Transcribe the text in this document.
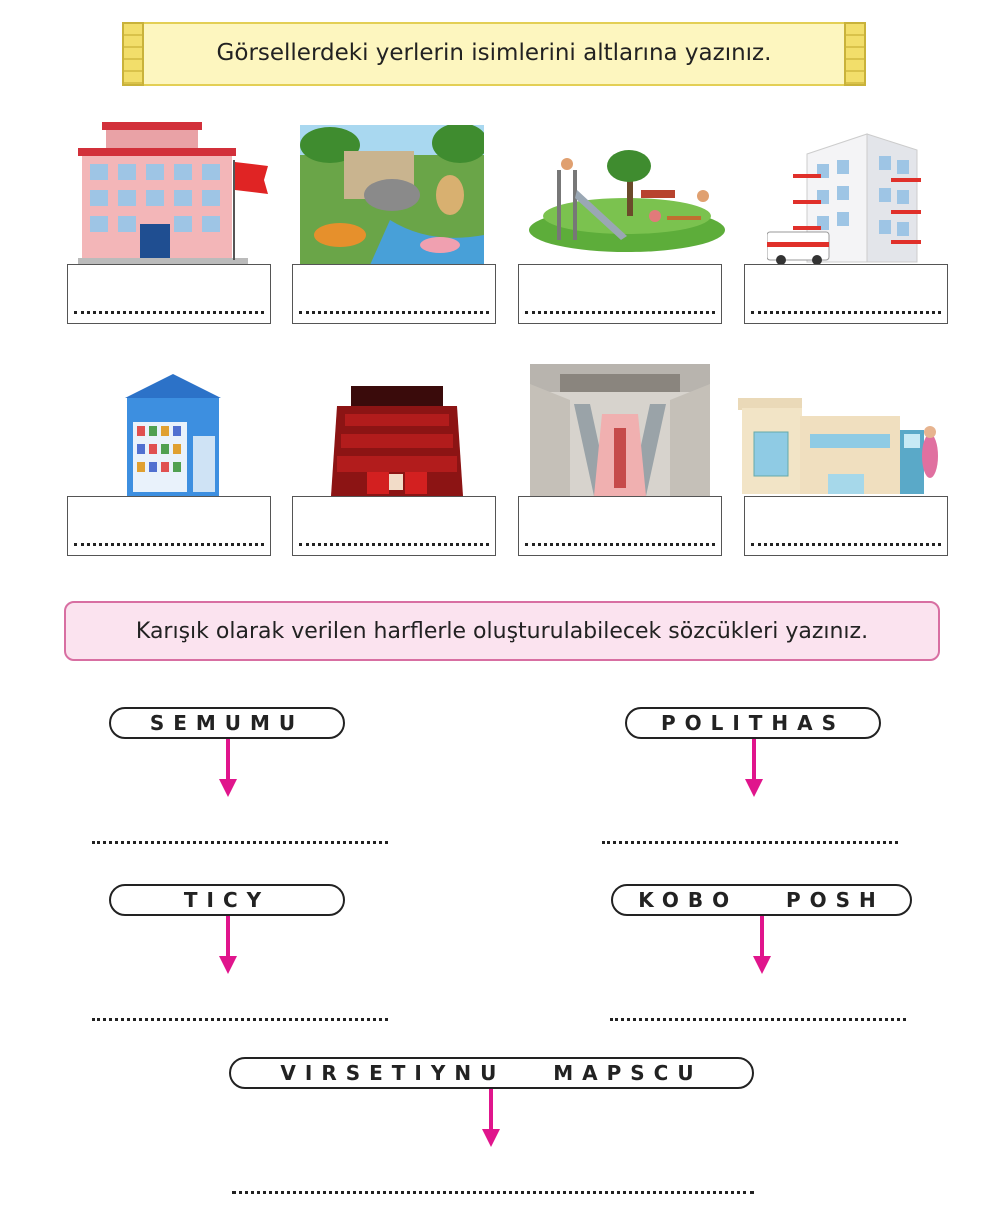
Görsellerdeki yerlerin isimlerini altlarına yazınız.
Karışık olarak verilen harflerle oluşturulabilecek sözcükleri yazınız.
SEMUMU	POLITHAS
TICY	KOBO   POSH
VIRSETIYNU   MAPSCU
